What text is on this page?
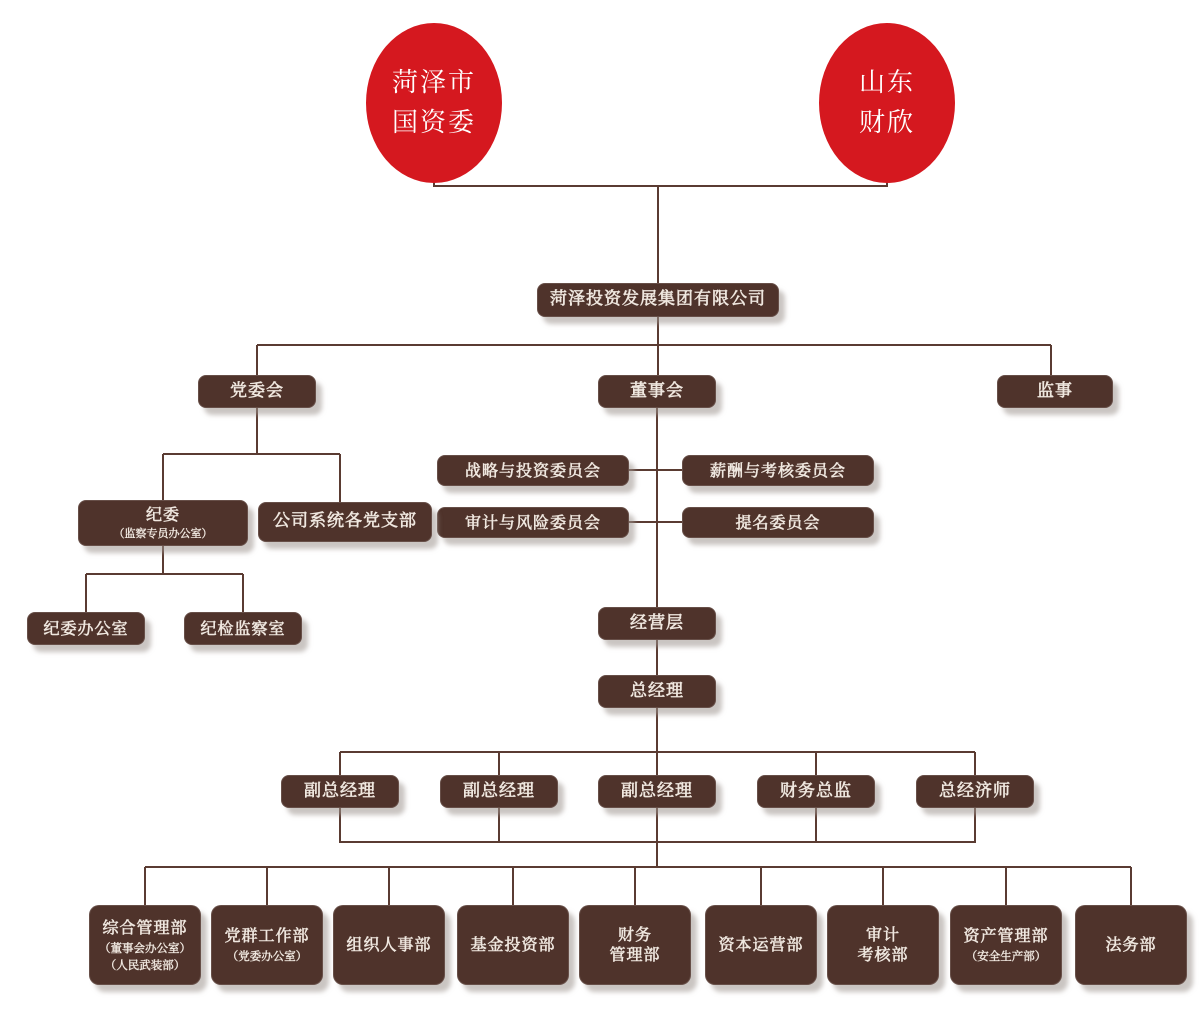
菏泽市
国资委
山东
财欣
菏泽投资发展集团有限公司
党委会	董事会	监事
战略与投资委员会	薪酬与考核委员会
审计与风险委员会	提名委员会
纪委
（监察专员办公室）
公司系统各党支部
纪委办公室	纪检监察室	经营层
总经理
副总经理	副总经理	副总经理	财务总监	总经济师
综合管理部
（董事会办公室）
（人民武装部）
党群工作部
（党委办公室）
组织人事部 基金投资部
财务
管理部
资本运营部
审计
考核部
资产管理部
（安全生产部）
法务部
